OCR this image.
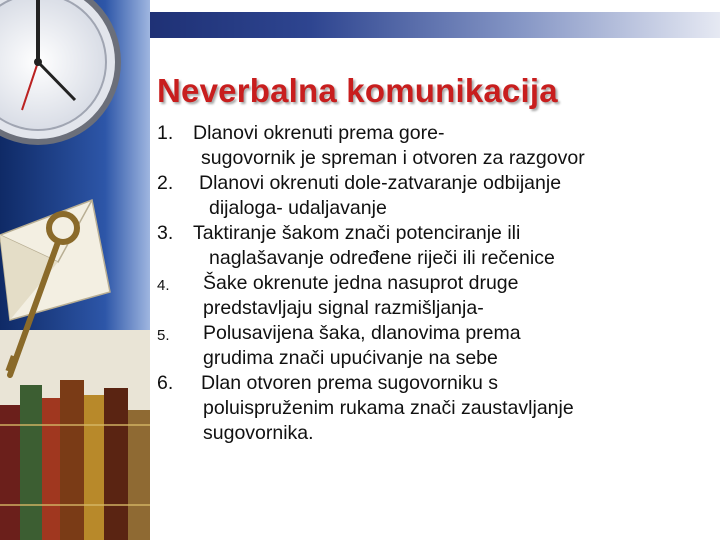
Neverbalna komunikacija
1. Dlanovi okrenuti prema gore-
sugovornik je spreman i otvoren za razgovor
2. Dlanovi okrenuti dole-zatvaranje odbijanje
dijaloga- udaljavanje
3. Taktiranje šakom znači potenciranje ili
naglašavanje određene riječi ili rečenice
4. Šake okrenute jedna nasuprot druge
predstavljaju signal razmišljanja-
5. Polusavijena šaka, dlanovima prema
grudima znači upućivanje na sebe
6. Dlan otvoren prema sugovorniku s
poluispruženim rukama znači zaustavljanje
sugovornika.
